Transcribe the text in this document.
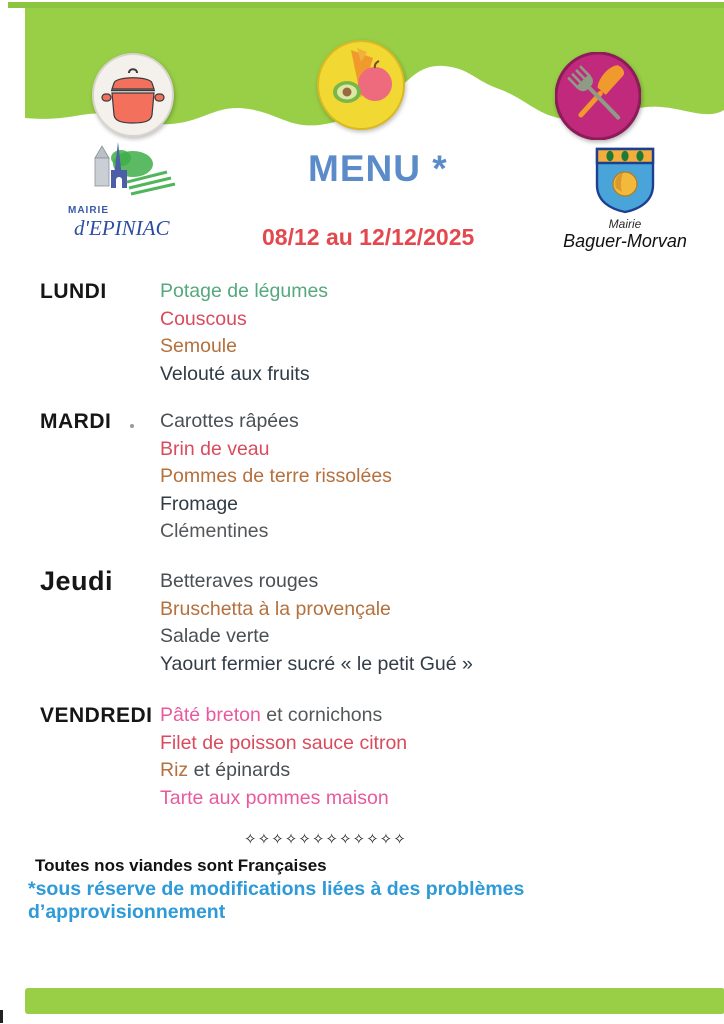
MAIRIE
d'EPINIAC
MENU *
08/12 au 12/12/2025	Mairie
Baguer-Morvan
LUNDI	Potage de légumes
Couscous
Semoule
Velouté aux fruits
MARDI Carottes râpées
Brin de veau
Pommes de terre rissolées
Fromage
Clémentines
Jeudi Betteraves rouges
Bruschetta à la provençale
Salade verte
Yaourt fermier sucré « le petit Gué »
VENDREDI Pâté breton et cornichons
Filet de poisson sauce citron
Riz et épinards
Tarte aux pommes maison
✧✧✧✧✧✧✧✧✧✧✧✧
Toutes nos viandes sont Françaises
*sous réserve de modifications liées à des problèmes d’approvisionnement
